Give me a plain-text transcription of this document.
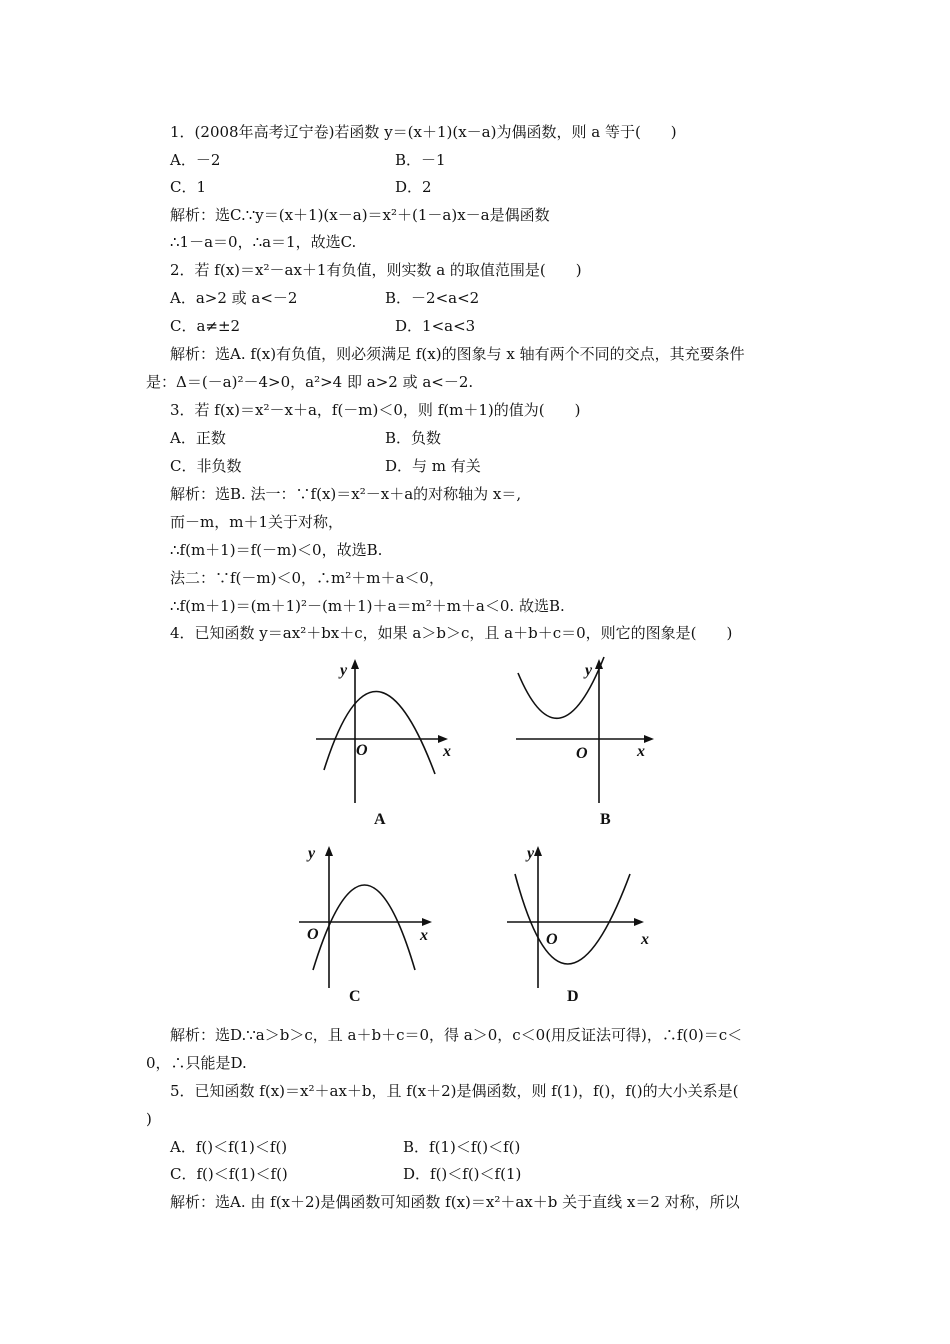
1．(2008年高考辽宁卷)若函数 y＝(x＋1)(x－a)为偶函数，则 a 等于(　　)
A．－2	B．－1
C．1	D．2
解析：选C.∵y＝(x＋1)(x－a)＝x²＋(1－a)x－a是偶函数
∴1－a＝0，∴a＝1，故选C.
2．若 f(x)＝x²－ax＋1有负值，则实数 a 的取值范围是(　　)
A．a>2 或 a<－2	B．－2<a<2
C．a≠±2	D．1<a<3
解析：选A. f(x)有负值，则必须满足 f(x)的图象与 x 轴有两个不同的交点，其充要条件
是：Δ＝(－a)²－4>0，a²>4 即 a>2 或 a<－2.
3．若 f(x)＝x²－x＋a，f(－m)＜0，则 f(m＋1)的值为(　　)
A．正数	B．负数
C．非负数	D．与 m 有关
解析：选B. 法一：∵f(x)＝x²－x＋a的对称轴为 x＝,
而－m，m＋1关于对称，
∴f(m＋1)＝f(－m)＜0，故选B.
法二：∵f(－m)＜0，∴m²＋m＋a＜0，
∴f(m＋1)＝(m＋1)²－(m＋1)＋a＝m²＋m＋a＜0. 故选B.
4．已知函数 y＝ax²＋bx＋c，如果 a＞b＞c，且 a＋b＋c＝0，则它的图象是(　　)
y
O	x
A
y
O	x
B
y
O	x
C
y
O	x
D
解析：选D.∵a＞b＞c，且 a＋b＋c＝0，得 a＞0，c＜0(用反证法可得)，∴f(0)＝c＜
0，∴只能是D.
5．已知函数 f(x)＝x²＋ax＋b，且 f(x＋2)是偶函数，则 f(1)，f()，f()的大小关系是(
)
A．f()＜f(1)＜f()	B．f(1)＜f()＜f()
C．f()＜f(1)＜f()	D．f()＜f()＜f(1)
解析：选A. 由 f(x＋2)是偶函数可知函数 f(x)＝x²＋ax＋b 关于直线 x＝2 对称，所以
